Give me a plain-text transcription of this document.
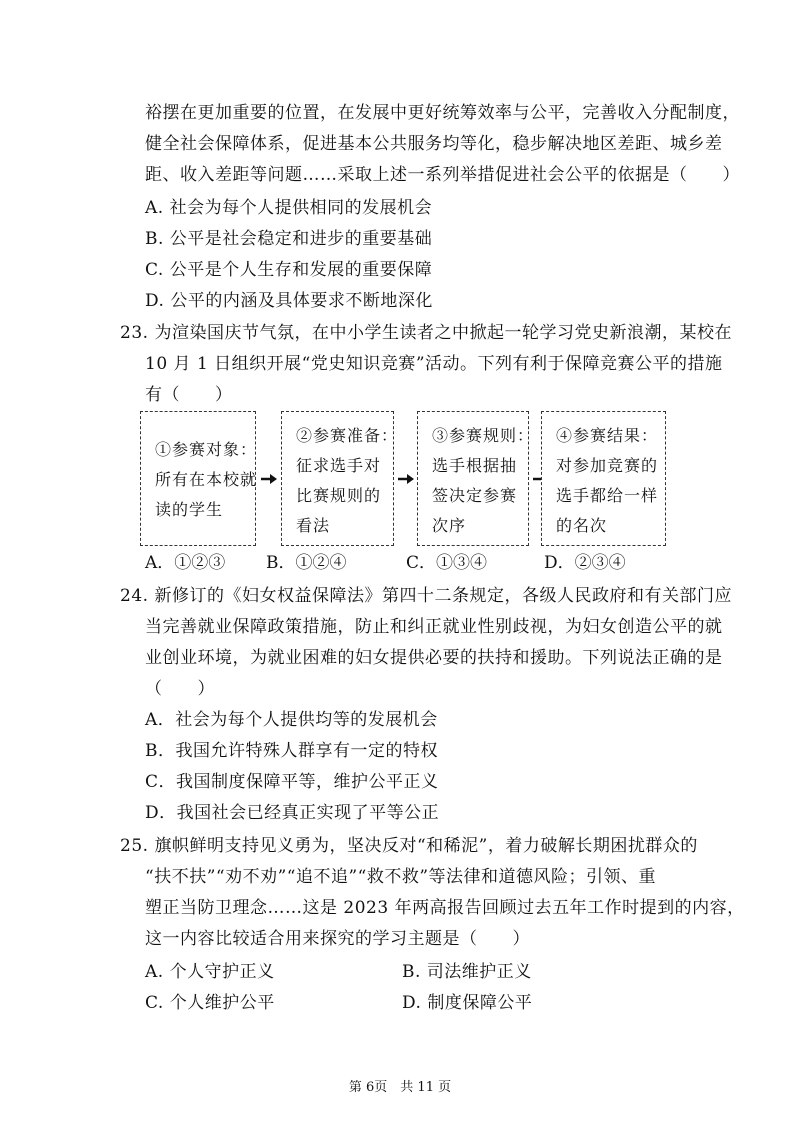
裕摆在更加重要的位置，在发展中更好统筹效率与公平，完善收入分配制度，
健全社会保障体系，促进基本公共服务均等化，稳步解决地区差距、城乡差
距、收入差距等问题……采取上述一系列举措促进社会公平的依据是（　　）
A. 社会为每个人提供相同的发展机会
B. 公平是社会稳定和进步的重要基础
C. 公平是个人生存和发展的重要保障
D. 公平的内涵及具体要求不断地深化
23. 为渲染国庆节气氛，在中小学生读者之中掀起一轮学习党史新浪潮，某校在
10 月 1 日组织开展“党史知识竞赛”活动。下列有利于保障竞赛公平的措施
有（　　）
①参赛对象：
所有在本校就
读的学生
②参赛准备：
征求选手对
比赛规则的
看法
③参赛规则：
选手根据抽
签决定参赛
次序
④参赛结果：
对参加竞赛的
选手都给一样
的名次
A．①②③	B．①②④	C．①③④	D．②③④
24. 新修订的《妇女权益保障法》第四十二条规定，各级人民政府和有关部门应
当完善就业保障政策措施，防止和纠正就业性别歧视，为妇女创造公平的就
业创业环境，为就业困难的妇女提供必要的扶持和援助。下列说法正确的是
（　　）
A．社会为每个人提供均等的发展机会
B．我国允许特殊人群享有一定的特权
C．我国制度保障平等，维护公平正义
D．我国社会已经真正实现了平等公正
25. 旗帜鲜明支持见义勇为，坚决反对“和稀泥”，着力破解长期困扰群众的
“扶不扶”“劝不劝”“追不追”“救不救”等法律和道德风险；引领、重
塑正当防卫理念……这是 2023 年两高报告回顾过去五年工作时提到的内容，
这一内容比较适合用来探究的学习主题是（　　）
A. 个人守护正义	B. 司法维护正义
C. 个人维护公平	D. 制度保障公平
第 6页　共 11 页
